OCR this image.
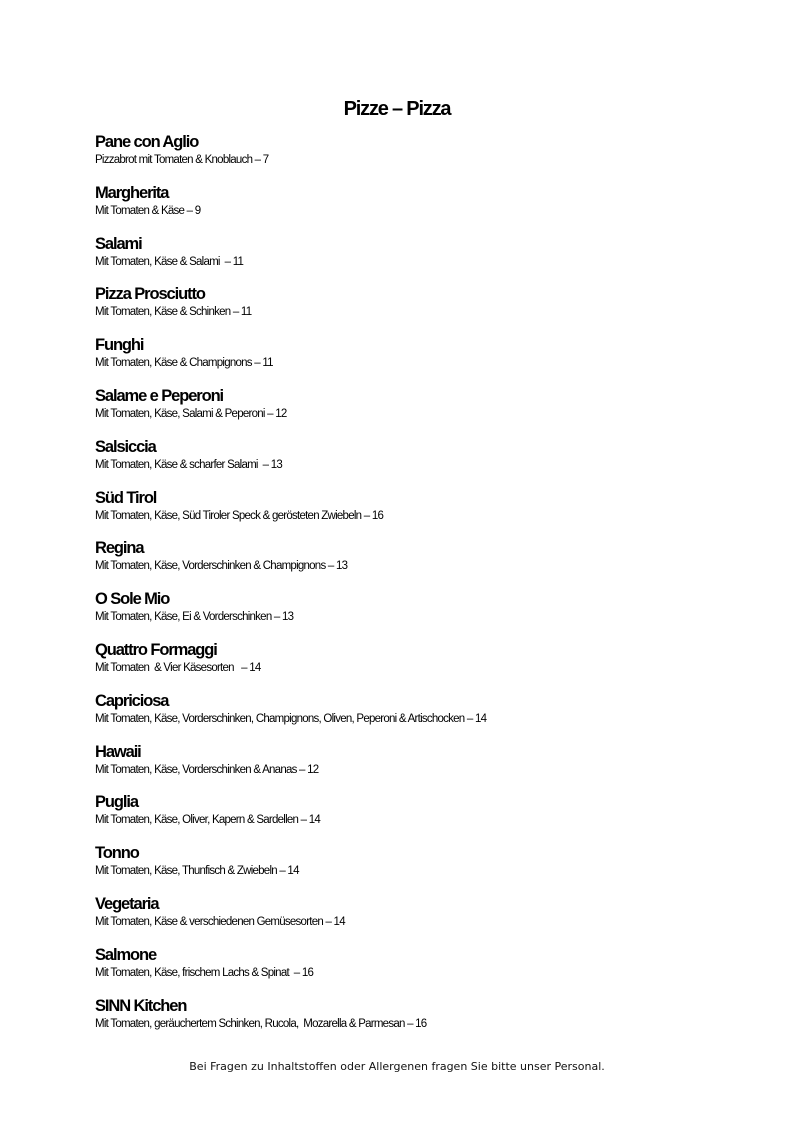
Pizze – Pizza
Pane con Aglio
Pizzabrot mit Tomaten & Knoblauch – 7
Margherita
Mit Tomaten & Käse – 9
Salami
Mit Tomaten, Käse & Salami  – 11
Pizza Prosciutto
Mit Tomaten, Käse & Schinken – 11
Funghi
Mit Tomaten, Käse & Champignons – 11
Salame e Peperoni
Mit Tomaten, Käse, Salami & Peperoni – 12
Salsiccia
Mit Tomaten, Käse & scharfer Salami  – 13
Süd Tirol
Mit Tomaten, Käse, Süd Tiroler Speck & gerösteten Zwiebeln – 16
Regina
Mit Tomaten, Käse, Vorderschinken & Champignons – 13
O Sole Mio
Mit Tomaten, Käse, Ei & Vorderschinken – 13
Quattro Formaggi
Mit Tomaten  & Vier Käsesorten   – 14
Capriciosa
Mit Tomaten, Käse, Vorderschinken, Champignons, Oliven, Peperoni & Artischocken – 14
Hawaii
Mit Tomaten, Käse, Vorderschinken & Ananas – 12
Puglia
Mit Tomaten, Käse, Oliver, Kapern & Sardellen – 14
Tonno
Mit Tomaten, Käse, Thunfisch & Zwiebeln – 14
Vegetaria
Mit Tomaten, Käse & verschiedenen Gemüsesorten – 14
Salmone
Mit Tomaten, Käse, frischem Lachs & Spinat  – 16
SINN Kitchen
Mit Tomaten, geräuchertem Schinken, Rucola,  Mozarella & Parmesan – 16

Bei Fragen zu Inhaltstoffen oder Allergenen fragen Sie bitte unser Personal.
